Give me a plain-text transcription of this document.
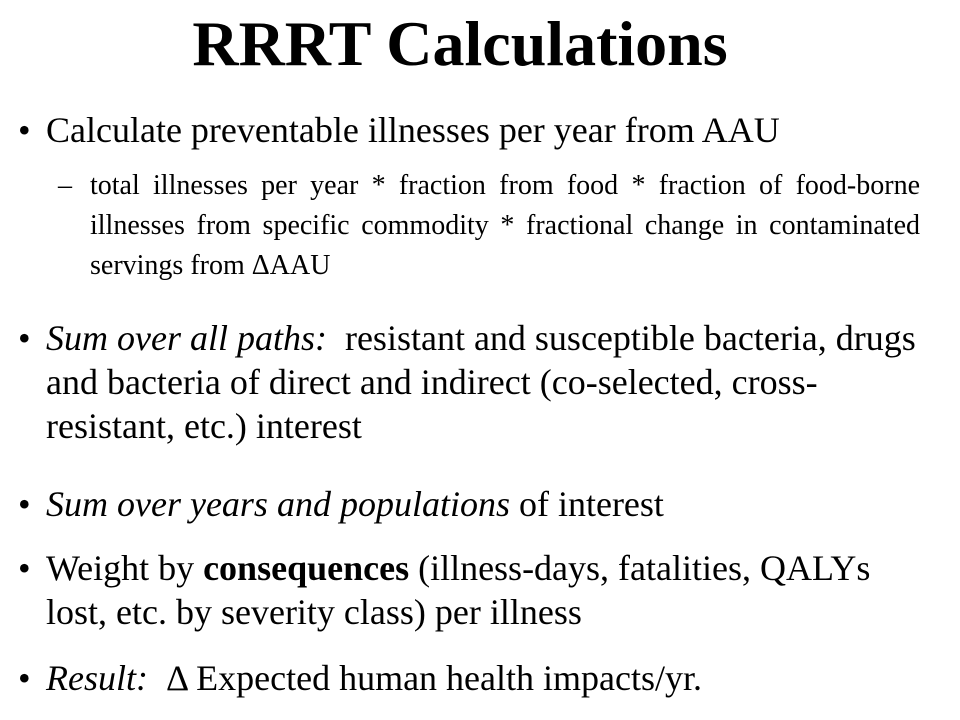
RRRT Calculations
• Calculate preventable illnesses per year from AAU
– total illnesses per year * fraction from food * fraction of food-borne illnesses from specific commodity * fractional change in contaminated servings from ΔAAU
• Sum over all paths: resistant and susceptible bacteria, drugs and bacteria of direct and indirect (co-selected, cross-resistant, etc.) interest
• Sum over years and populations of interest
• Weight by consequences (illness-days, fatalities, QALYs lost, etc. by severity class) per illness
• Result: Δ Expected human health impacts/yr.
